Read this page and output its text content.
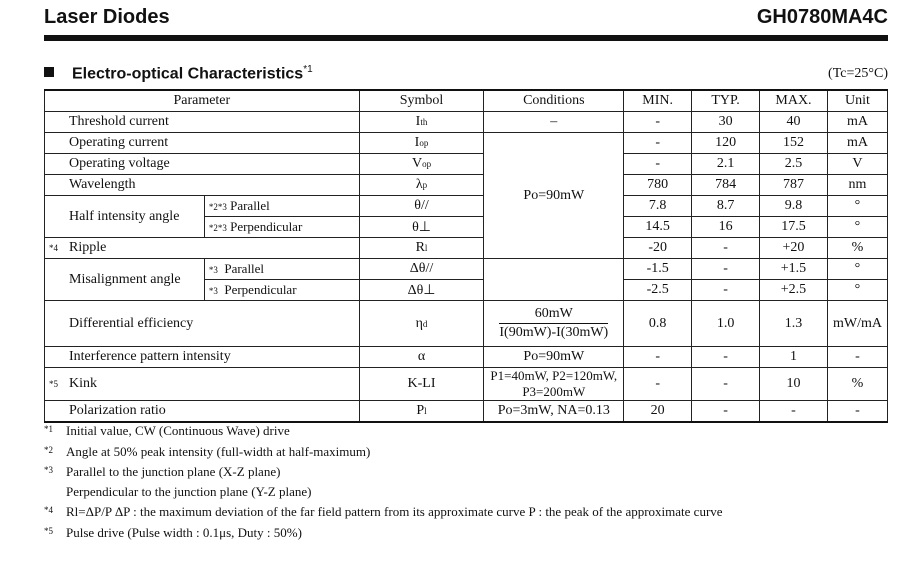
Laser Diodes	GH0780MA4C
Electro-optical Characteristics$^{*1}$	(Tc=25°C)
Parameter		Symbol	Conditions	MIN.	TYP.	MAX.	Unit
Threshold current		Ith	–	-	30	40	mA
Operating current		Iop	Po=90mW	-	120	152	mA
Operating voltage		Vop		-	2.1	2.5	V
Wavelength		λp		780	784	787	nm
Half intensity angle	*2*3 Parallel	θ//		7.8	8.7	9.8	°
	*2*3 Perpendicular	θ⊥		14.5	16	17.5	°
*4 Ripple		Rl		-20	-	+20	%
Misalignment angle	*3 Parallel	Δθ//		-1.5	-	+1.5	°
	*3 Perpendicular	Δθ⊥		-2.5	-	+2.5	°
Differential efficiency		ηd	$\frac{60mW}{I(90mW)-I(30mW)}$	0.8	1.0	1.3	mW/mA
Interference pattern intensity		α	Po=90mW	-	-	1	-
*5 Kink		K-LI	P1=40mW, P2=120mW, P3=200mW	-	-	10	%
Polarization ratio		Pl	Po=3mW, NA=0.13	20	-	-	-
*1 Initial value, CW (Continuous Wave) drive
*2 Angle at 50% peak intensity (full-width at half-maximum)
*3 Parallel to the junction plane (X-Z plane)
Perpendicular to the junction plane (Y-Z plane)
*4 Rl=ΔP/P ΔP : the maximum deviation of the far field pattern from its approximate curve P : the peak of the approximate curve
*5 Pulse drive (Pulse width : 0.1μs, Duty : 50%)
